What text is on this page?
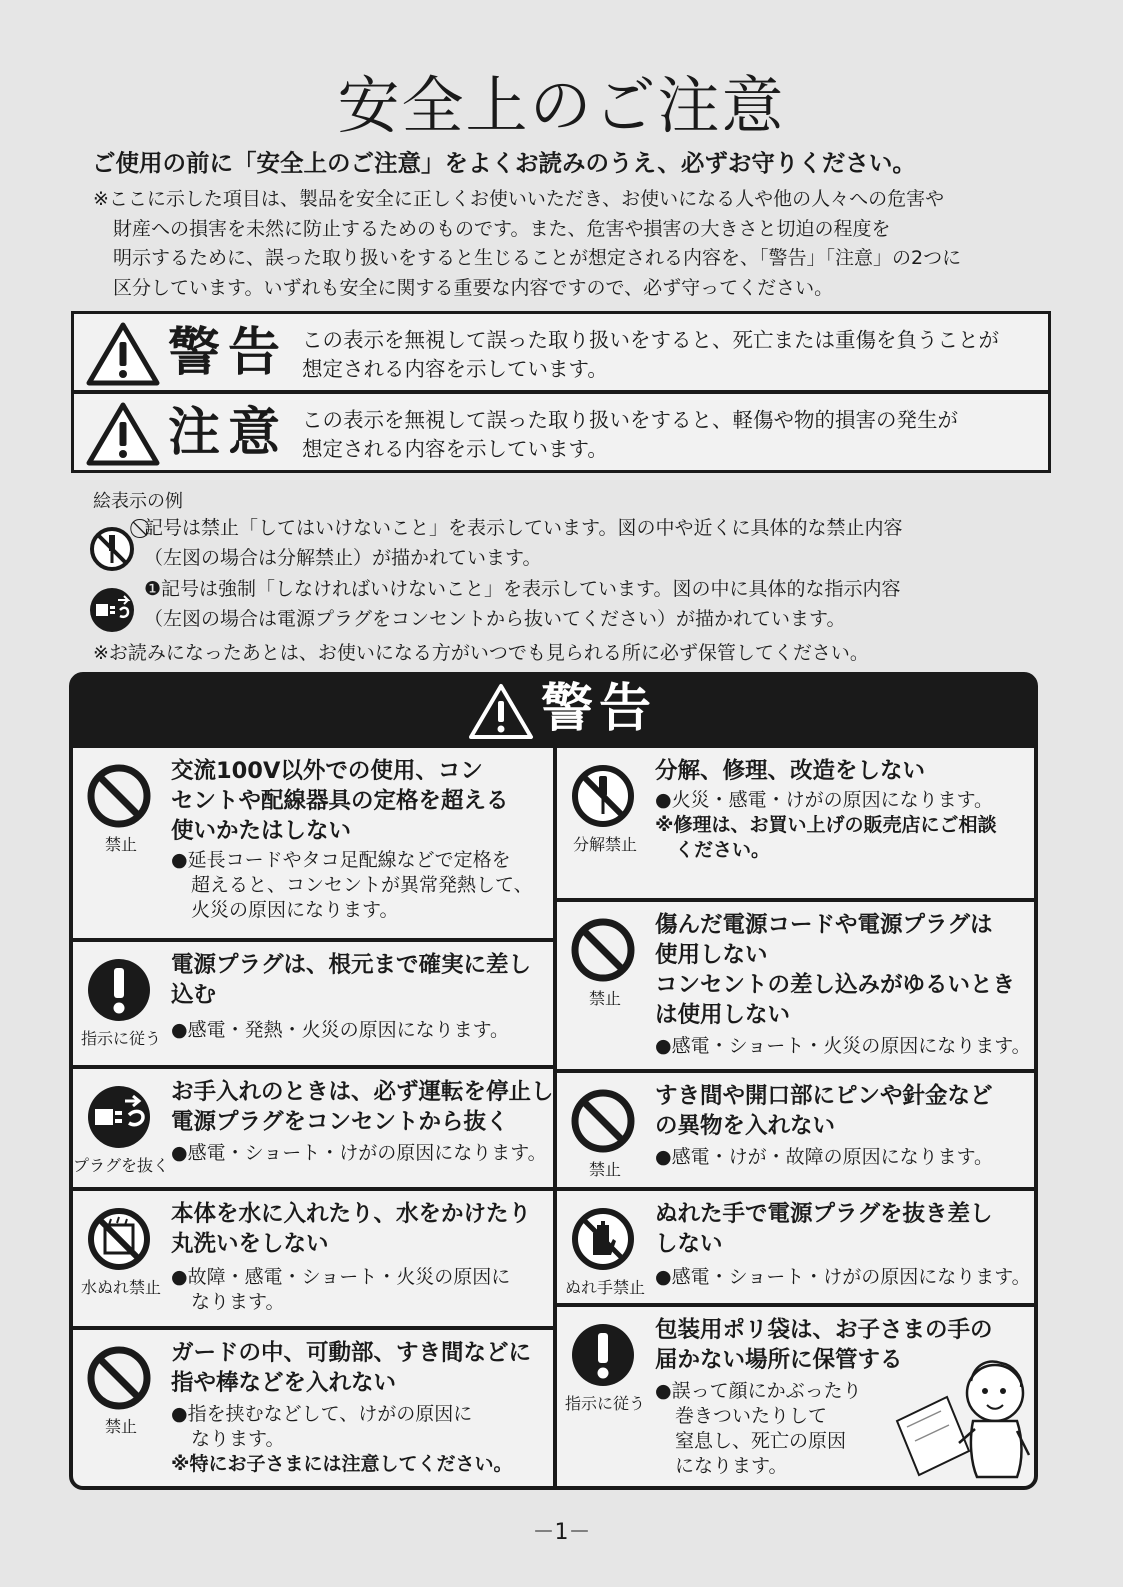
安全上のご注意
ご使用の前に「安全上のご注意」をよくお読みのうえ、必ずお守りください。
※ここに示した項目は、製品を安全に正しくお使いいただき、お使いになる人や他の人々への危害や
財産への損害を未然に防止するためのものです。また、危害や損害の大きさと切迫の程度を
明示するために、誤った取り扱いをすると生じることが想定される内容を、「警告」「注意」の2つに
区分しています。いずれも安全に関する重要な内容ですので、必ず守ってください。
警告 この表示を無視して誤った取り扱いをすると、死亡または重傷を負うことが
想定される内容を示しています。
注意 この表示を無視して誤った取り扱いをすると、軽傷や物的損害の発生が
想定される内容を示しています。
絵表示の例
⃠記号は禁止「してはいけないこと」を表示しています。図の中や近くに具体的な禁止内容
（左図の場合は分解禁止）が描かれています。
❶記号は強制「しなければいけないこと」を表示しています。図の中に具体的な指示内容
（左図の場合は電源プラグをコンセントから抜いてください）が描かれています。
※お読みになったあとは、お使いになる方がいつでも見られる所に必ず保管してください。
警告
禁止
交流100V以外での使用、コン
セントや配線器具の定格を超える
使いかたはしない
●延長コードやタコ足配線などで定格を
超えると、コンセントが異常発熱して、
火災の原因になります。
指示に従う
電源プラグは、根元まで確実に差し
込む
●感電・発熱・火災の原因になります。
プラグを抜く
お手入れのときは、必ず運転を停止し
電源プラグをコンセントから抜く
●感電・ショート・けがの原因になります。
水ぬれ禁止
本体を水に入れたり、水をかけたり
丸洗いをしない
●故障・感電・ショート・火災の原因に
なります。
禁止
ガードの中、可動部、すき間などに
指や棒などを入れない
●指を挟むなどして、けがの原因に
なります。
※特にお子さまには注意してください。
分解禁止
分解、修理、改造をしない
●火災・感電・けがの原因になります。
※修理は、お買い上げの販売店にご相談
ください。
禁止
傷んだ電源コードや電源プラグは
使用しない
コンセントの差し込みがゆるいとき
は使用しない
●感電・ショート・火災の原因になります。
禁止
すき間や開口部にピンや針金など
の異物を入れない
●感電・けが・故障の原因になります。
ぬれ手禁止
ぬれた手で電源プラグを抜き差し
しない
●感電・ショート・けがの原因になります。
指示に従う
包装用ポリ袋は、お子さまの手の
届かない場所に保管する
●誤って顔にかぶったり
巻きついたりして
窒息し、死亡の原因
になります。
－1－
